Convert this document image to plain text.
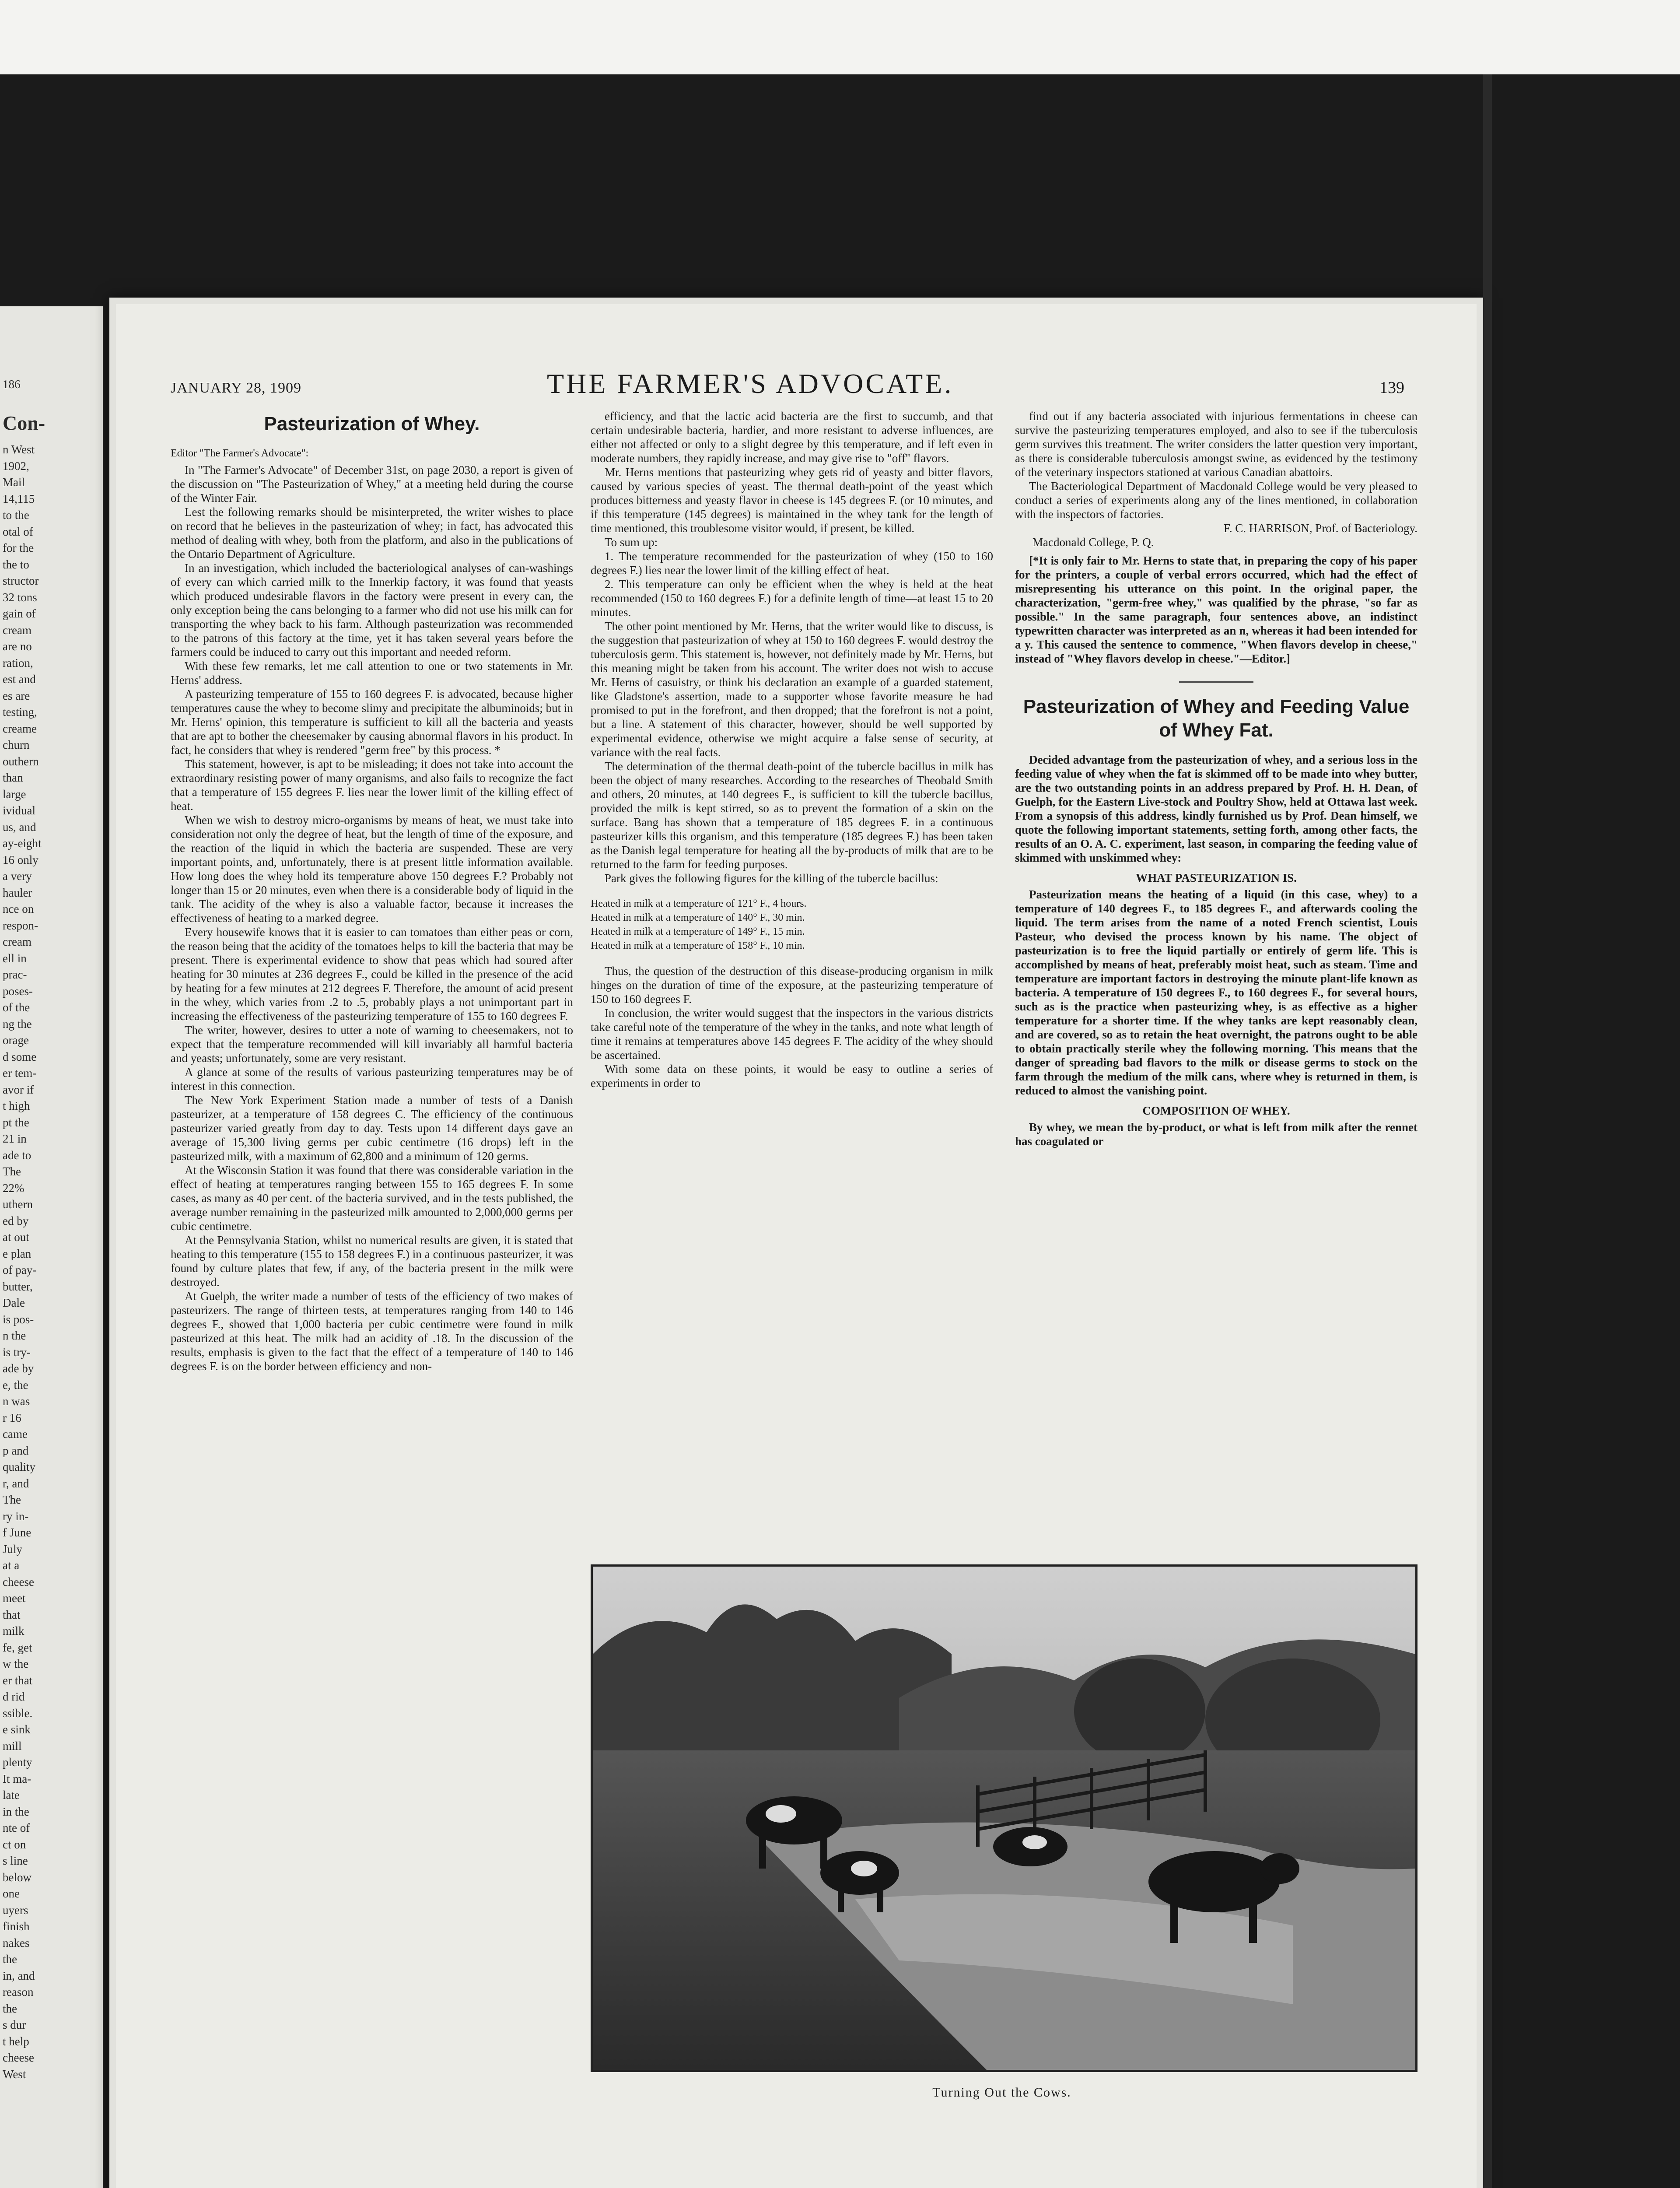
186
Con-
n West
1902,
Mail
14,115
to the
otal of
for the
the to
structor
32 tons
gain of
cream
are no
ration,
est and
es are
testing,
creame
churn
outhern
than
large
ividual
us, and
ay-eight
16 only
a very
hauler
nce on
respon-
cream
ell in
prac-
poses-
of the
ng the
orage
d some
er tem-
avor if
t high
pt the
21 in
ade to
The
22%
uthern
ed by
at out
e plan
of pay-
butter,
Dale
is pos-
n the
is try-
ade by
e, the
n was
r 16
came
p and
quality
r, and
The
ry in-
f June
July
at a
cheese
meet
that
milk
fe, get
w the
er that
d rid
ssible.
e sink
mill
plenty
It ma-
late
in the
nte of
ct on
s line
below
one
uyers
finish
nakes
the
in, and
reason
the
s dur
t help
cheese
West
JANUARY 28, 1909	THE FARMER'S ADVOCATE.	139
Pasteurization of Whey.

Editor "The Farmer's Advocate":

In "The Farmer's Advocate" of December 31st, on page 2030, a report is given of the discussion on "The Pasteurization of Whey," at a meeting held during the course of the Winter Fair.

Lest the following remarks should be misinterpreted, the writer wishes to place on record that he believes in the pasteurization of whey; in fact, has advocated this method of dealing with whey, both from the platform, and also in the publications of the Ontario Department of Agriculture.

In an investigation, which included the bacteriological analyses of can-washings of every can which carried milk to the Innerkip factory, it was found that yeasts which produced undesirable flavors in the factory were present in every can, the only exception being the cans belonging to a farmer who did not use his milk can for transporting the whey back to his farm. Although pasteurization was recommended to the patrons of this factory at the time, yet it has taken several years before the farmers could be induced to carry out this important and needed reform.

With these few remarks, let me call attention to one or two statements in Mr. Herns' address.

A pasteurizing temperature of 155 to 160 degrees F. is advocated, because higher temperatures cause the whey to become slimy and precipitate the albuminoids; but in Mr. Herns' opinion, this temperature is sufficient to kill all the bacteria and yeasts that are apt to bother the cheesemaker by causing abnormal flavors in his product. In fact, he considers that whey is rendered "germ free" by this process. *

This statement, however, is apt to be misleading; it does not take into account the extraordinary resisting power of many organisms, and also fails to recognize the fact that a temperature of 155 degrees F. lies near the lower limit of the killing effect of heat.

When we wish to destroy micro-organisms by means of heat, we must take into consideration not only the degree of heat, but the length of time of the exposure, and the reaction of the liquid in which the bacteria are suspended. These are very important points, and, unfortunately, there is at present little information available. How long does the whey hold its temperature above 150 degrees F.? Probably not longer than 15 or 20 minutes, even when there is a considerable body of liquid in the tank. The acidity of the whey is also a valuable factor, because it increases the effectiveness of heating to a marked degree.

Every housewife knows that it is easier to can tomatoes than either peas or corn, the reason being that the acidity of the tomatoes helps to kill the bacteria that may be present. There is experimental evidence to show that peas which had soured after heating for 30 minutes at 236 degrees F., could be killed in the presence of the acid by heating for a few minutes at 212 degrees F. Therefore, the amount of acid present in the whey, which varies from .2 to .5, probably plays a not unimportant part in increasing the effectiveness of the pasteurizing temperature of 155 to 160 degrees F.

The writer, however, desires to utter a note of warning to cheesemakers, not to expect that the temperature recommended will kill invariably all harmful bacteria and yeasts; unfortunately, some are very resistant.

A glance at some of the results of various pasteurizing temperatures may be of interest in this connection.

The New York Experiment Station made a number of tests of a Danish pasteurizer, at a temperature of 158 degrees C. The efficiency of the continuous pasteurizer varied greatly from day to day. Tests upon 14 different days gave an average of 15,300 living germs per cubic centimetre (16 drops) left in the pasteurized milk, with a maximum of 62,800 and a minimum of 120 germs.

At the Wisconsin Station it was found that there was considerable variation in the effect of heating at temperatures ranging between 155 to 165 degrees F. In some cases, as many as 40 per cent. of the bacteria survived, and in the tests published, the average number remaining in the pasteurized milk amounted to 2,000,000 germs per cubic centimetre.

At the Pennsylvania Station, whilst no numerical results are given, it is stated that heating to this temperature (155 to 158 degrees F.) in a continuous pasteurizer, it was found by culture plates that few, if any, of the bacteria present in the milk were destroyed.

At Guelph, the writer made a number of tests of the efficiency of two makes of pasteurizers. The range of thirteen tests, at temperatures ranging from 140 to 146 degrees F., showed that 1,000 bacteria per cubic centimetre were found in milk pasteurized at this heat. The milk had an acidity of .18. In the discussion of the results, emphasis is given to the fact that the effect of a temperature of 140 to 146 degrees F. is on the border between efficiency and non-

efficiency, and that the lactic acid bacteria are the first to succumb, and that certain undesirable bacteria, hardier, and more resistant to adverse influences, are either not affected or only to a slight degree by this temperature, and if left even in moderate numbers, they rapidly increase, and may give rise to "off" flavors.

Mr. Herns mentions that pasteurizing whey gets rid of yeasty and bitter flavors, caused by various species of yeast. The thermal death-point of the yeast which produces bitterness and yeasty flavor in cheese is 145 degrees F. (or 10 minutes, and if this temperature (145 degrees) is maintained in the whey tank for the length of time mentioned, this troublesome visitor would, if present, be killed.

To sum up:

1. The temperature recommended for the pasteurization of whey (150 to 160 degrees F.) lies near the lower limit of the killing effect of heat.

2. This temperature can only be efficient when the whey is held at the heat recommended (150 to 160 degrees F.) for a definite length of time—at least 15 to 20 minutes.

The other point mentioned by Mr. Herns, that the writer would like to discuss, is the suggestion that pasteurization of whey at 150 to 160 degrees F. would destroy the tuberculosis germ. This statement is, however, not definitely made by Mr. Herns, but this meaning might be taken from his account. The writer does not wish to accuse Mr. Herns of casuistry, or think his declaration an example of a guarded statement, like Gladstone's assertion, made to a supporter whose favorite measure he had promised to put in the forefront, and then dropped; that the forefront is not a point, but a line. A statement of this character, however, should be well supported by experimental evidence, otherwise we might acquire a false sense of security, at variance with the real facts.

The determination of the thermal death-point of the tubercle bacillus in milk has been the object of many researches. According to the researches of Theobald Smith and others, 20 minutes, at 140 degrees F., is sufficient to kill the tubercle bacillus, provided the milk is kept stirred, so as to prevent the formation of a skin on the surface. Bang has shown that a temperature of 185 degrees F. in a continuous pasteurizer kills this organism, and this temperature (185 degrees F.) has been taken as the Danish legal temperature for heating all the by-products of milk that are to be returned to the farm for feeding purposes.

Park gives the following figures for the killing of the tubercle bacillus:

Heated in milk at a temperature of 121° F., 4 hours.
Heated in milk at a temperature of 140° F., 30 min.
Heated in milk at a temperature of 149° F., 15 min.
Heated in milk at a temperature of 158° F., 10 min.

Thus, the question of the destruction of this disease-producing organism in milk hinges on the duration of time of the exposure, at the pasteurizing temperature of 150 to 160 degrees F.

In conclusion, the writer would suggest that the inspectors in the various districts take careful note of the temperature of the whey in the tanks, and note what length of time it remains at temperatures above 145 degrees F. The acidity of the whey should be ascertained.

With some data on these points, it would be easy to outline a series of experiments in order to

find out if any bacteria associated with injurious fermentations in cheese can survive the pasteurizing temperatures employed, and also to see if the tuberculosis germ survives this treatment. The writer considers the latter question very important, as there is considerable tuberculosis amongst swine, as evidenced by the testimony of the veterinary inspectors stationed at various Canadian abattoirs.

The Bacteriological Department of Macdonald College would be very pleased to conduct a series of experiments along any of the lines mentioned, in collaboration with the inspectors of factories.

F. C. HARRISON, Prof. of Bacteriology.

Macdonald College, P. Q.

[*It is only fair to Mr. Herns to state that, in preparing the copy of his paper for the printers, a couple of verbal errors occurred, which had the effect of misrepresenting his utterance on this point. In the original paper, the characterization, "germ-free whey," was qualified by the phrase, "so far as possible." In the same paragraph, four sentences above, an indistinct typewritten character was interpreted as an n, whereas it had been intended for a y. This caused the sentence to commence, "When flavors develop in cheese," instead of "Whey flavors develop in cheese."—Editor.]

Pasteurization of Whey and Feeding Value of Whey Fat.

Decided advantage from the pasteurization of whey, and a serious loss in the feeding value of whey when the fat is skimmed off to be made into whey butter, are the two outstanding points in an address prepared by Prof. H. H. Dean, of Guelph, for the Eastern Live-stock and Poultry Show, held at Ottawa last week. From a synopsis of this address, kindly furnished us by Prof. Dean himself, we quote the following important statements, setting forth, among other facts, the results of an O. A. C. experiment, last season, in comparing the feeding value of skimmed with unskimmed whey:

WHAT PASTEURIZATION IS.

Pasteurization means the heating of a liquid (in this case, whey) to a temperature of 140 degrees F., to 185 degrees F., and afterwards cooling the liquid. The term arises from the name of a noted French scientist, Louis Pasteur, who devised the process known by his name. The object of pasteurization is to free the liquid partially or entirely of germ life. This is accomplished by means of heat, preferably moist heat, such as steam. Time and temperature are important factors in destroying the minute plant-life known as bacteria. A temperature of 150 degrees F., to 160 degrees F., for several hours, such as is the practice when pasteurizing whey, is as effective as a higher temperature for a shorter time. If the whey tanks are kept reasonably clean, and are covered, so as to retain the heat overnight, the patrons ought to be able to obtain practically sterile whey the following morning. This means that the danger of spreading bad flavors to the milk or disease germs to stock on the farm through the medium of the milk cans, where whey is returned in them, is reduced to almost the vanishing point.

COMPOSITION OF WHEY.

By whey, we mean the by-product, or what is left from milk after the rennet has coagulated or

Turning Out the Cows.
